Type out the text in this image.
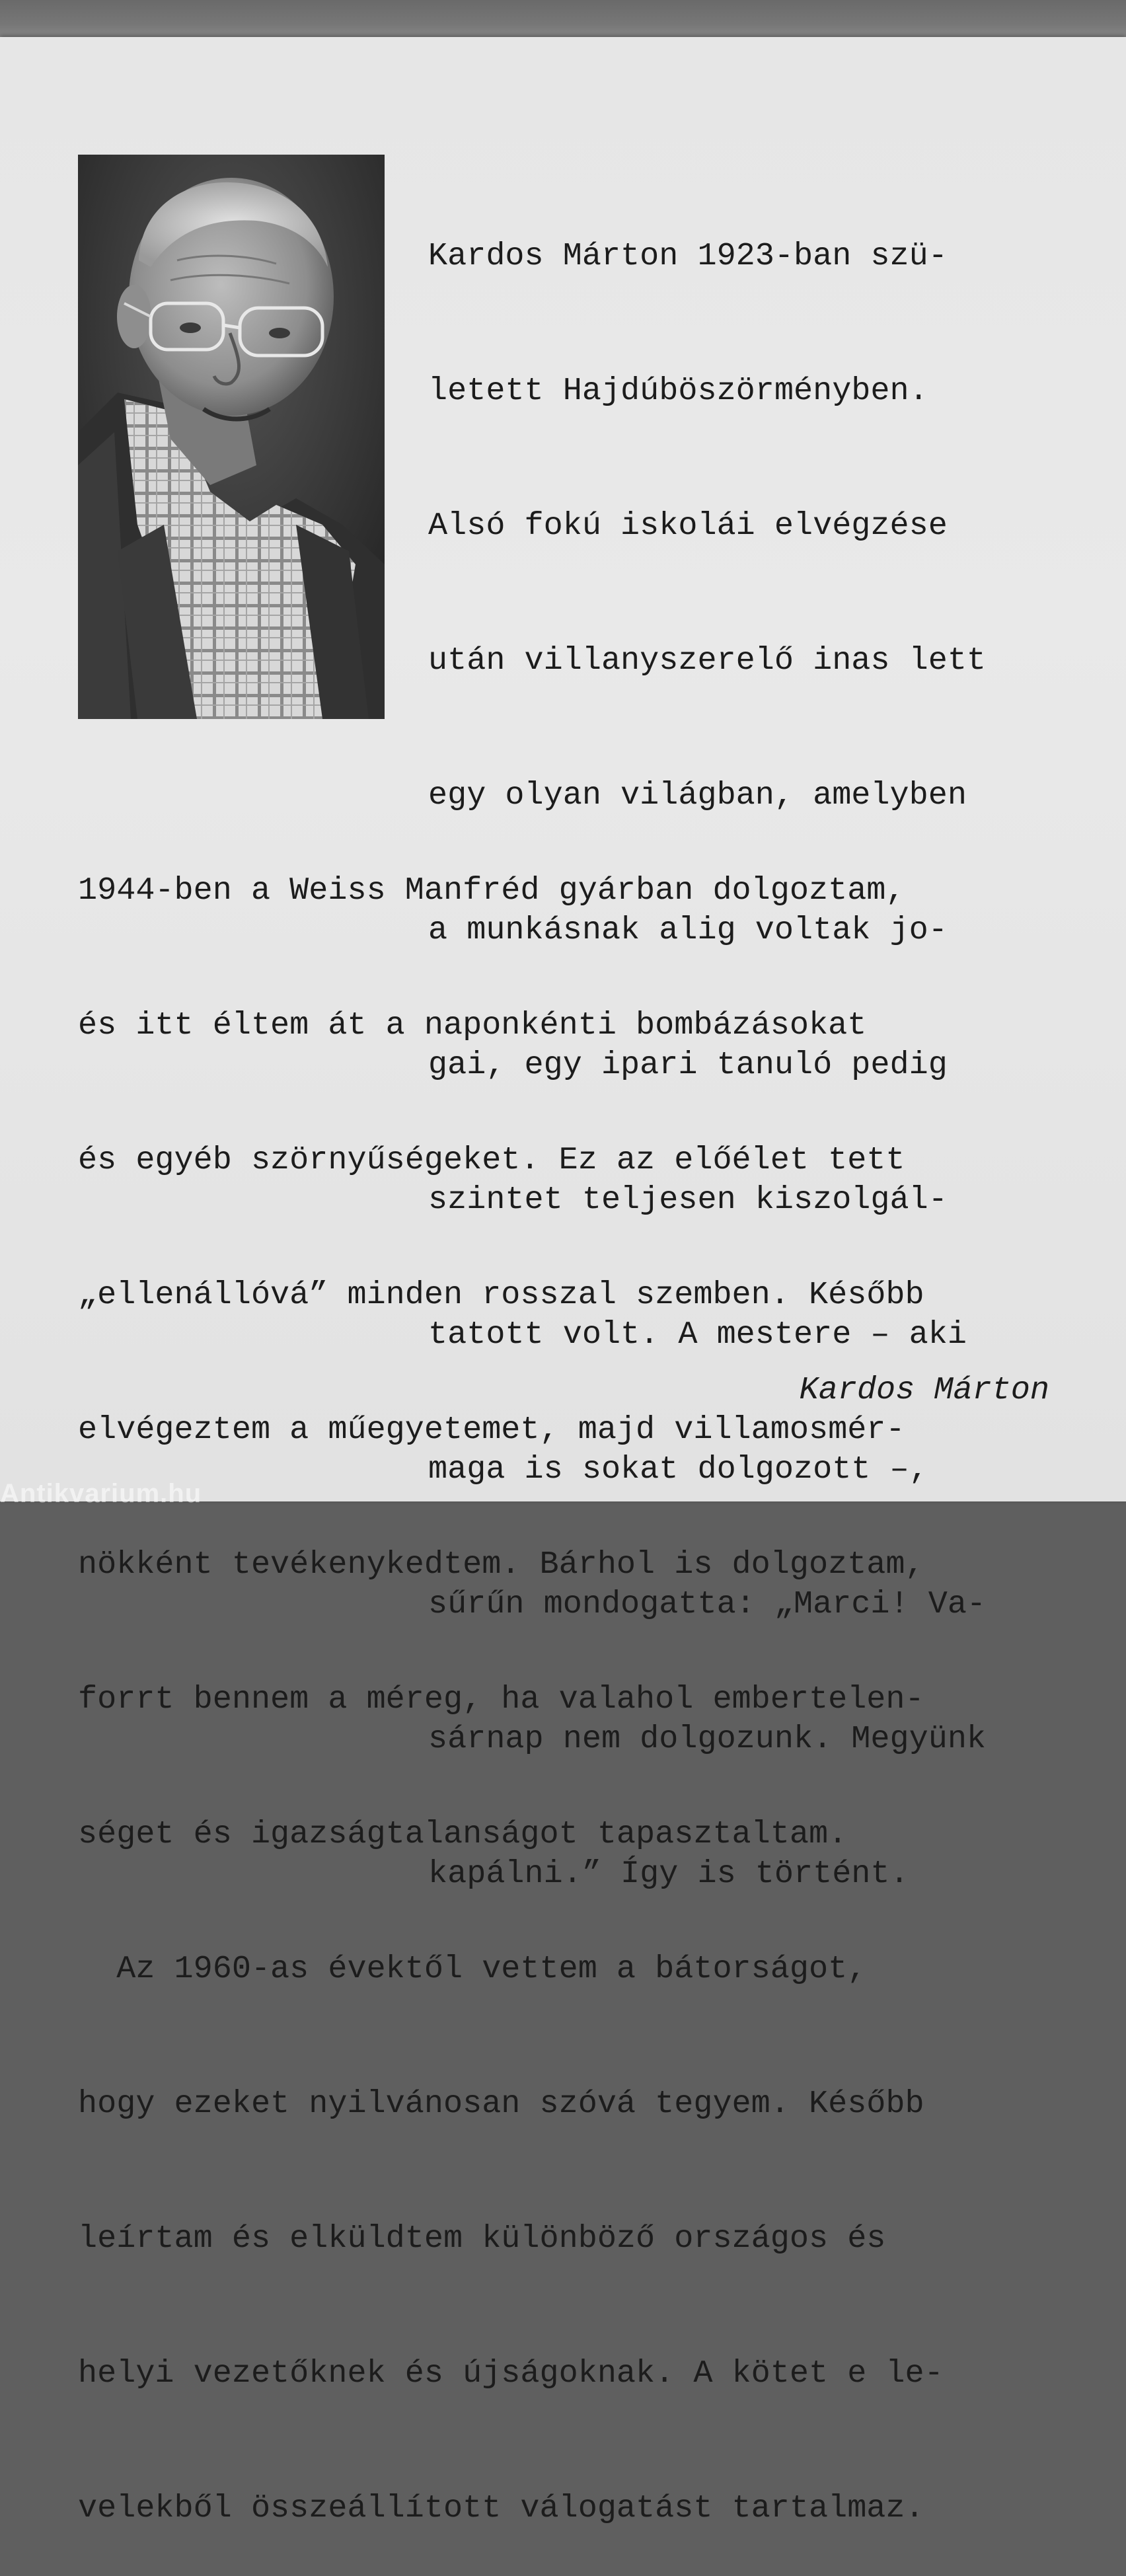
Kardos Márton 1923-ban szü-

letett Hajdúböszörményben.

Alsó fokú iskolái elvégzése

után villanyszerelő inas lett

egy olyan világban, amelyben

a munkásnak alig voltak jo-

gai, egy ipari tanuló pedig

szintet teljesen kiszolgál-

tatott volt. A mestere – aki

maga is sokat dolgozott –,

sűrűn mondogatta: „Marci! Va-

sárnap nem dolgozunk. Megyünk

kapálni.” Így is történt.

1944-ben a Weiss Manfréd gyárban dolgoztam,

és itt éltem át a naponkénti bombázásokat

és egyéb szörnyűségeket. Ez az előélet tett

„ellenállóvá” minden rosszal szemben. Később

elvégeztem a műegyetemet, majd villamosmér-

nökként tevékenykedtem. Bárhol is dolgoztam,

forrt bennem a méreg, ha valahol embertelen-

séget és igazságtalanságot tapasztaltam.

Az 1960-as évektől vettem a bátorságot,

hogy ezeket nyilvánosan szóvá tegyem. Később

leírtam és elküldtem különböző országos és

helyi vezetőknek és újságoknak. A kötet e le-

velekből összeállított válogatást tartalmaz.

Kardos Márton

Antikvarium.hu
